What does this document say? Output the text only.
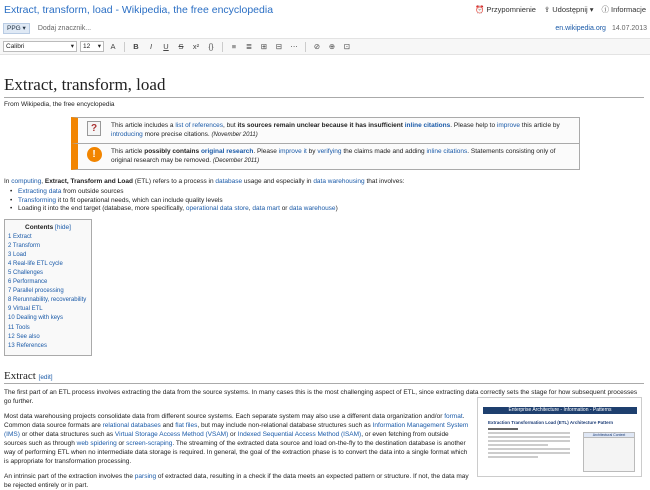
Extract, transform, load - Wikipedia, the free encyclopedia	⏰ Przypomnienie ⇪ Udostępnij ▾ ⓘ Informacje
PPG ▾	Dodaj znacznik...	en.wikipedia.org 14.07.2013
Calibri	▾ 12 ▾	A	B	I	U	S	x²	{}	≡	≣	⊞	⊟	⋯	⊘	⊕	⊡
Extract, transform, load
From Wikipedia, the free encyclopedia
?	This article includes a list of references, but its sources remain unclear because it has insufficient inline citations. Please help to improve this article by introducing more precise citations. (November 2011)
!	This article possibly contains original research. Please improve it by verifying the claims made and adding inline citations. Statements consisting only of original research may be removed. (December 2011)
In computing, Extract, Transform and Load (ETL) refers to a process in database usage and especially in data warehousing that involves:
• Extracting data from outside sources
• Transforming it to fit operational needs, which can include quality levels
• Loading it into the end target (database, more specifically, operational data store, data mart or data warehouse)
Contents [hide]
1 Extract
2 Transform
3 Load
4 Real-life ETL cycle
5 Challenges
6 Performance
7 Parallel processing
8 Rerunnability, recoverability
9 Virtual ETL
10 Dealing with keys
11 Tools
12 See also
13 References
Extract [edit]
The first part of an ETL process involves extracting the data from the source systems. In many cases this is the most challenging aspect of ETL, since extracting data correctly sets the stage for how subsequent processes go further.
Most data warehousing projects consolidate data from different source systems. Each separate system may also use a different data organization and/or format. Common data source formats are relational databases and flat files, but may include non-relational database structures such as Information Management System (IMS) or other data structures such as Virtual Storage Access Method (VSAM) or Indexed Sequential Access Method (ISAM), or even fetching from outside sources such as through web spidering or screen-scraping. The streaming of the extracted data source and load on-the-fly to the destination database is another way of performing ETL when no intermediate data storage is required. In general, the goal of the extraction phase is to convert the data into a single format which is appropriate for transformation processing.
An intrinsic part of the extraction involves the parsing of extracted data, resulting in a check if the data meets an expected pattern or structure. If not, the data may be rejected entirely or in part.
Enterprise Architecture - Information - Patterns
Extraction Transformation Load (ETL) Architecture Pattern
Architectural Context
